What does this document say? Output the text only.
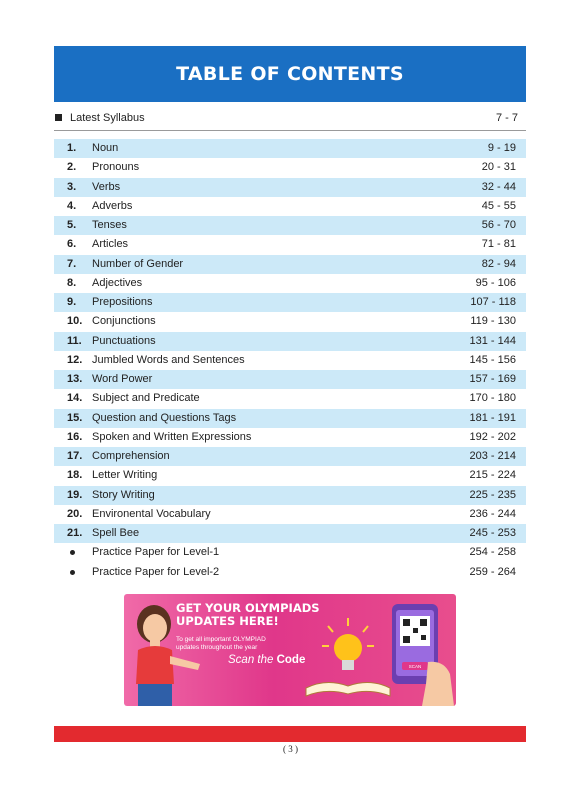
TABLE OF CONTENTS
Latest Syllabus	7 - 7
1. Noun	9 - 19
2. Pronouns	20 - 31
3. Verbs	32 - 44
4. Adverbs	45 - 55
5. Tenses	56 - 70
6. Articles	71 - 81
7. Number of Gender	82 - 94
8. Adjectives	95 - 106
9. Prepositions	107 - 118
10. Conjunctions	119 - 130
11. Punctuations	131 - 144
12. Jumbled Words and Sentences	145 - 156
13. Word Power	157 - 169
14. Subject and Predicate	170 - 180
15. Question and Questions Tags	181 - 191
16. Spoken and Written Expressions	192 - 202
17. Comprehension	203 - 214
18. Letter Writing	215 - 224
19. Story Writing	225 - 235
20. Environental Vocabulary	236 - 244
21. Spell Bee	245 - 253
Practice Paper for Level-1	254 - 258
Practice Paper for Level-2	259 - 264
GET YOUR OLYMPIADS
UPDATES HERE!
To get all important OLYMPIAD
updates throughout the year
Scan the Code
SCAN
( 3 )
